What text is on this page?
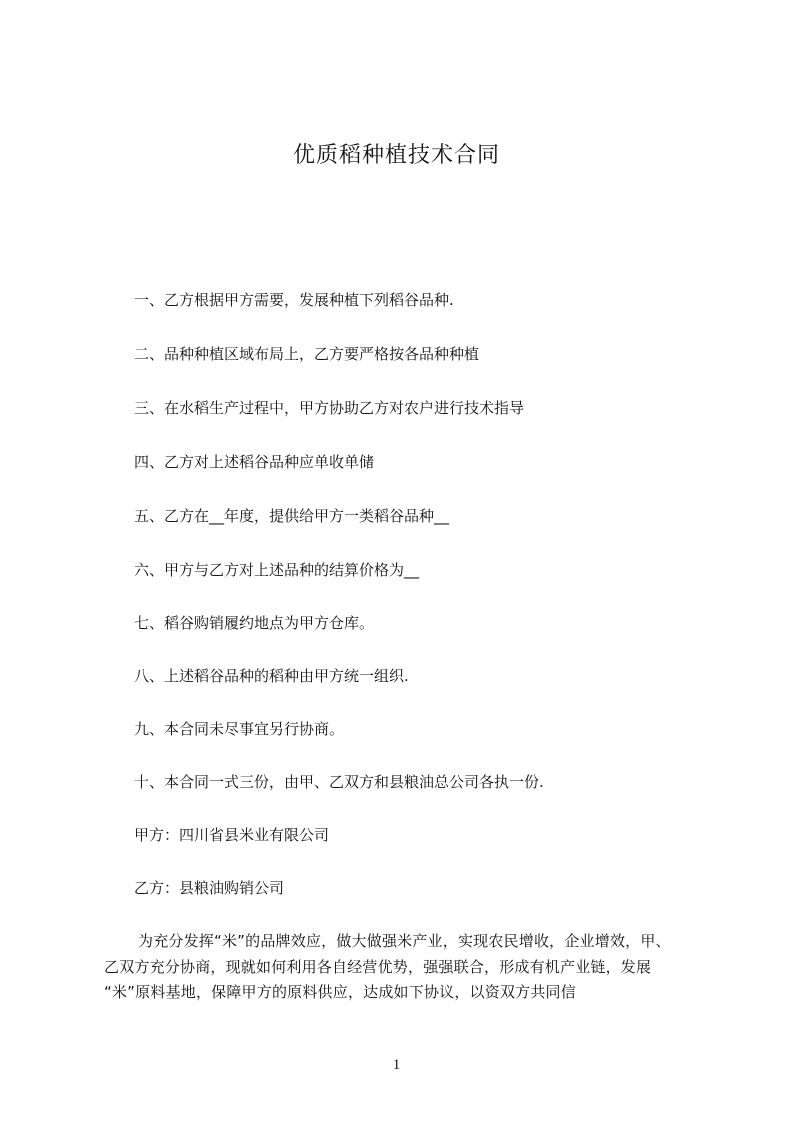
优质稻种植技术合同
一、乙方根据甲方需要，发展种植下列稻谷品种.
二、品种种植区域布局上，乙方要严格按各品种种植
三、在水稻生产过程中，甲方协助乙方对农户进行技术指导
四、乙方对上述稻谷品种应单收单储
五、乙方在__年度，提供给甲方一类稻谷品种__
六、甲方与乙方对上述品种的结算价格为__
七、稻谷购销履约地点为甲方仓库。
八、上述稻谷品种的稻种由甲方统一组织.
九、本合同未尽事宜另行协商。
十、本合同一式三份，由甲、乙双方和县粮油总公司各执一份.
甲方：四川省县米业有限公司
乙方：县粮油购销公司
为充分发挥“米”的品牌效应，做大做强米产业，实现农民增收，企业增效，甲、
乙双方充分协商，现就如何利用各自经营优势，强强联合，形成有机产业链，发展
“米”原料基地，保障甲方的原料供应，达成如下协议，以资双方共同信
1
